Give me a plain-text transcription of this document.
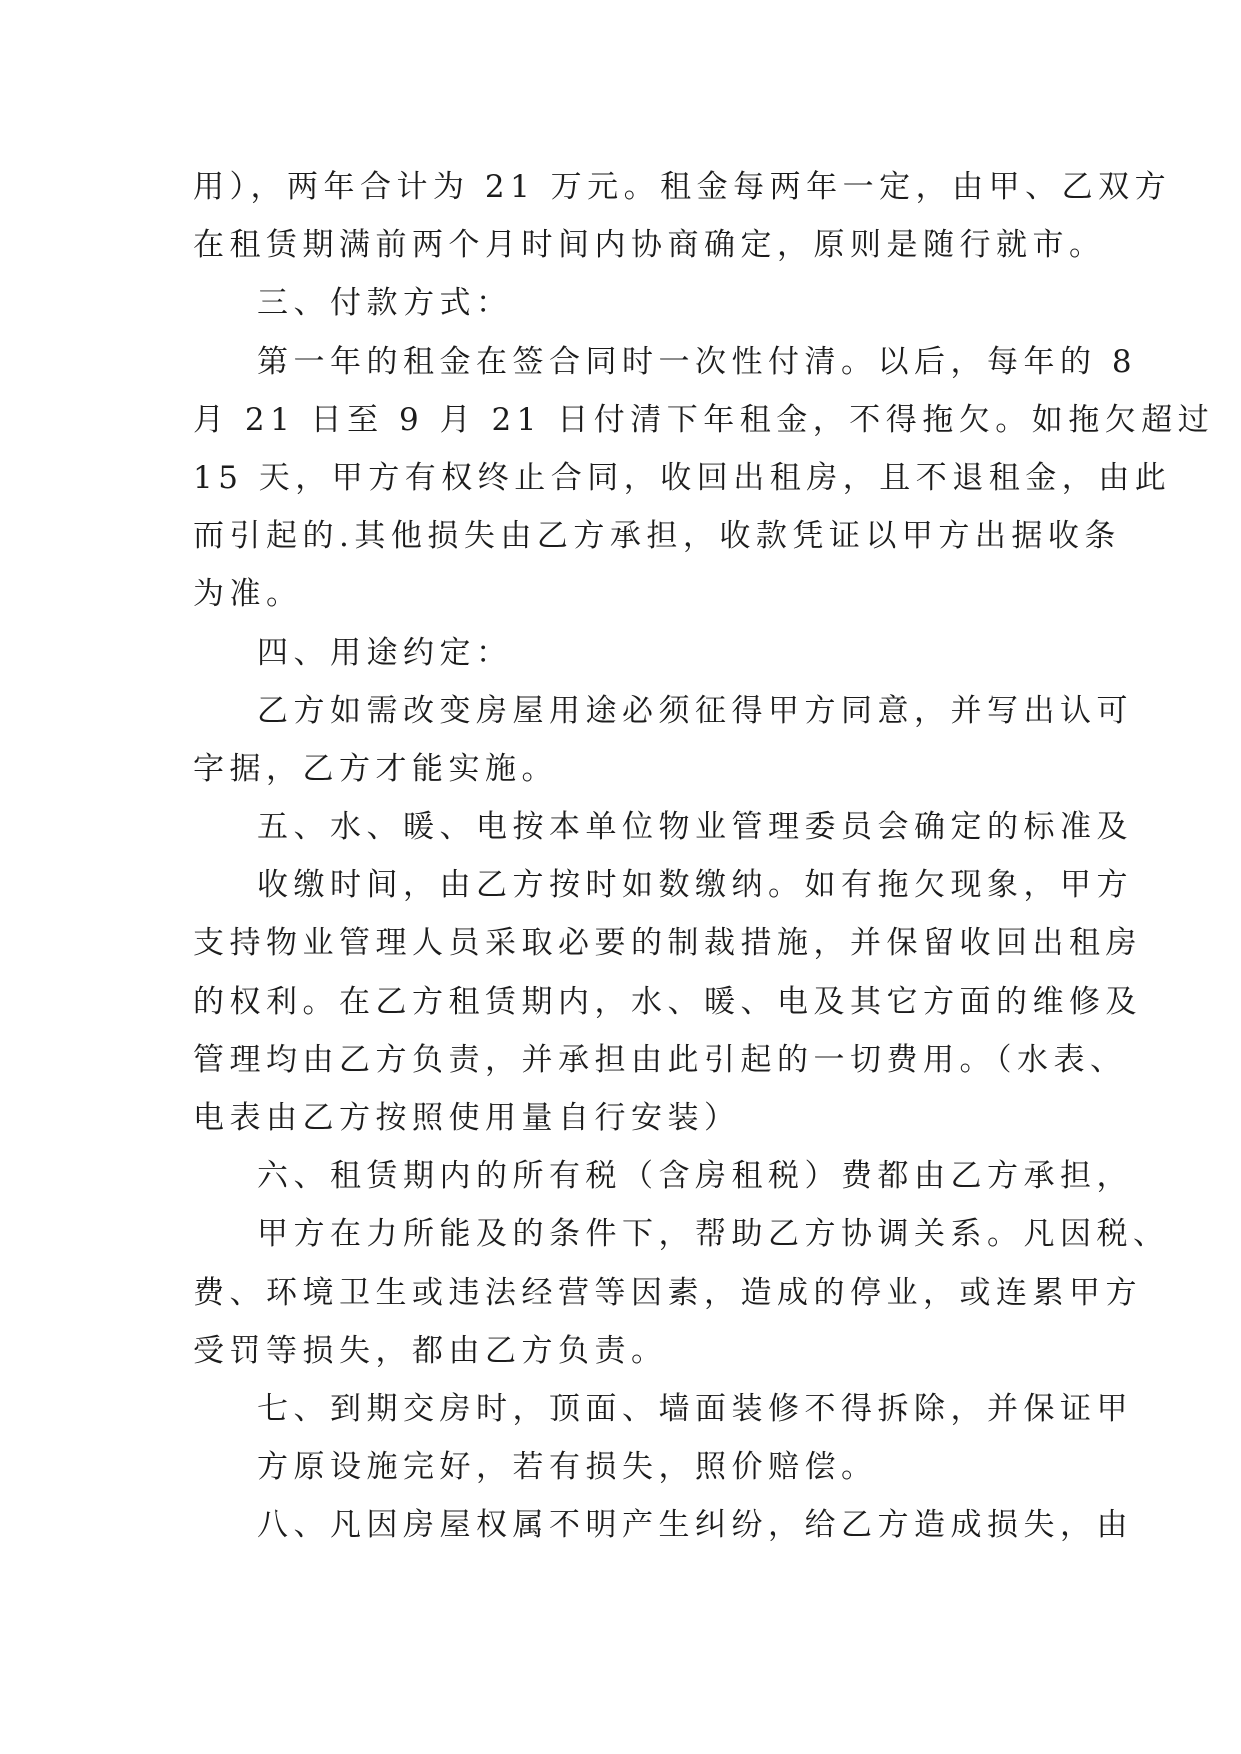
用），两年合计为 21 万元。租金每两年一定，由甲、乙双方
在租赁期满前两个月时间内协商确定，原则是随行就市。
三、付款方式：
第一年的租金在签合同时一次性付清。以后，每年的 8
月 21 日至 9 月 21 日付清下年租金，不得拖欠。如拖欠超过
15 天，甲方有权终止合同，收回出租房，且不退租金，由此
而引起的.其他损失由乙方承担，收款凭证以甲方出据收条
为准。
四、用途约定：
乙方如需改变房屋用途必须征得甲方同意，并写出认可
字据，乙方才能实施。
五、水、暖、电按本单位物业管理委员会确定的标准及
收缴时间，由乙方按时如数缴纳。如有拖欠现象，甲方
支持物业管理人员采取必要的制裁措施，并保留收回出租房
的权利。在乙方租赁期内，水、暖、电及其它方面的维修及
管理均由乙方负责，并承担由此引起的一切费用。（水表、
电表由乙方按照使用量自行安装）
六、租赁期内的所有税（含房租税）费都由乙方承担，
甲方在力所能及的条件下，帮助乙方协调关系。凡因税、
费、环境卫生或违法经营等因素，造成的停业，或连累甲方
受罚等损失，都由乙方负责。
七、到期交房时，顶面、墙面装修不得拆除，并保证甲
方原设施完好，若有损失，照价赔偿。
八、凡因房屋权属不明产生纠纷，给乙方造成损失，由
